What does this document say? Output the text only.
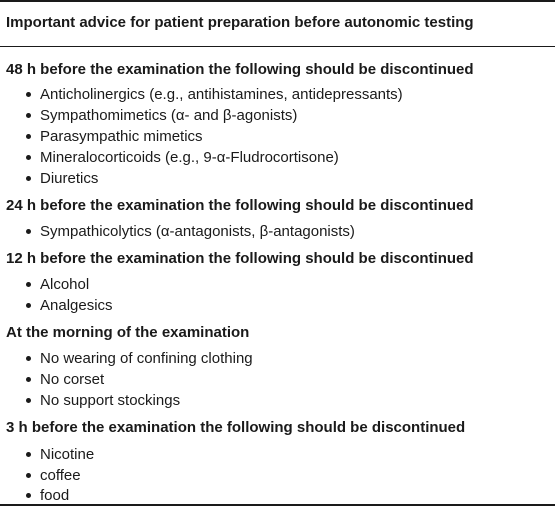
Important advice for patient preparation before autonomic testing
48 h before the examination the following should be discontinued
Anticholinergics (e.g., antihistamines, antidepressants)
Sympathomimetics (α- and β-agonists)
Parasympathic mimetics
Mineralocorticoids (e.g., 9-α-Fludrocortisone)
Diuretics
24 h before the examination the following should be discontinued
Sympathicolytics (α-antagonists, β-antagonists)
12 h before the examination the following should be discontinued
Alcohol
Analgesics
At the morning of the examination
No wearing of confining clothing
No corset
No support stockings
3 h before the examination the following should be discontinued
Nicotine
coffee
food
